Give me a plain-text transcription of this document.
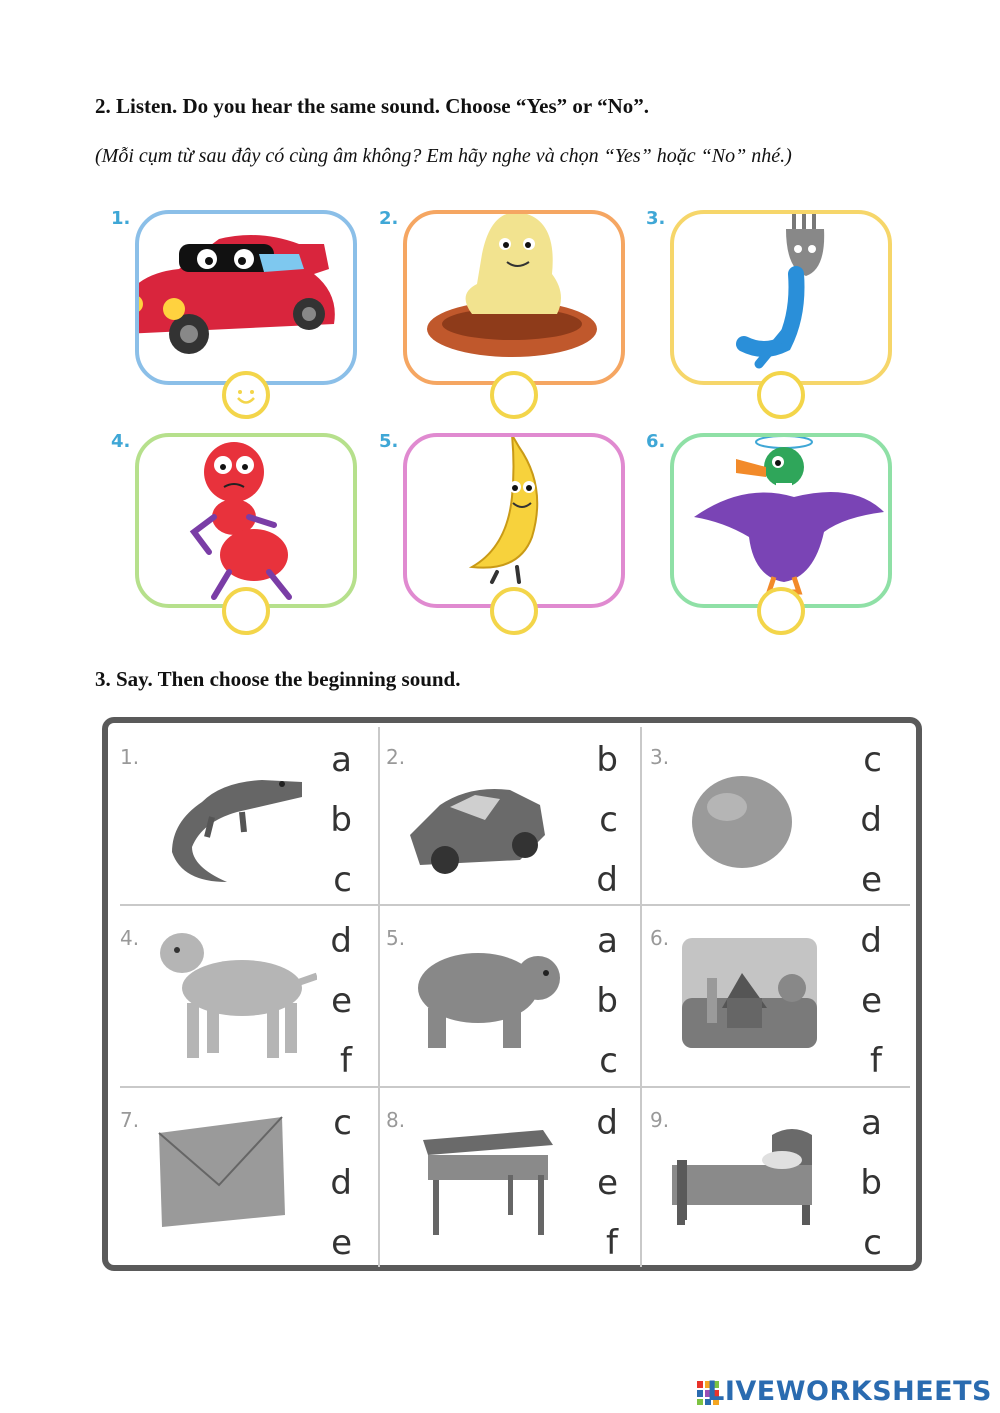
2. Listen. Do you hear the same sound. Choose “Yes” or “No”.
(Mỗi cụm từ sau đây có cùng âm không? Em hãy nghe và chọn “Yes” hoặc “No” nhé.)
1.	2.	3.
4.	5.	6.
3. Say. Then choose the beginning sound.
1.	a
b
c
2.	b
c
d
3.	c
d
e
4.	d
e
f
5.	a
b
c
6.	d
e
f
7.	c
d
e
8.	d
e
f
9.	a
b
c
LIVEWORKSHEETS
